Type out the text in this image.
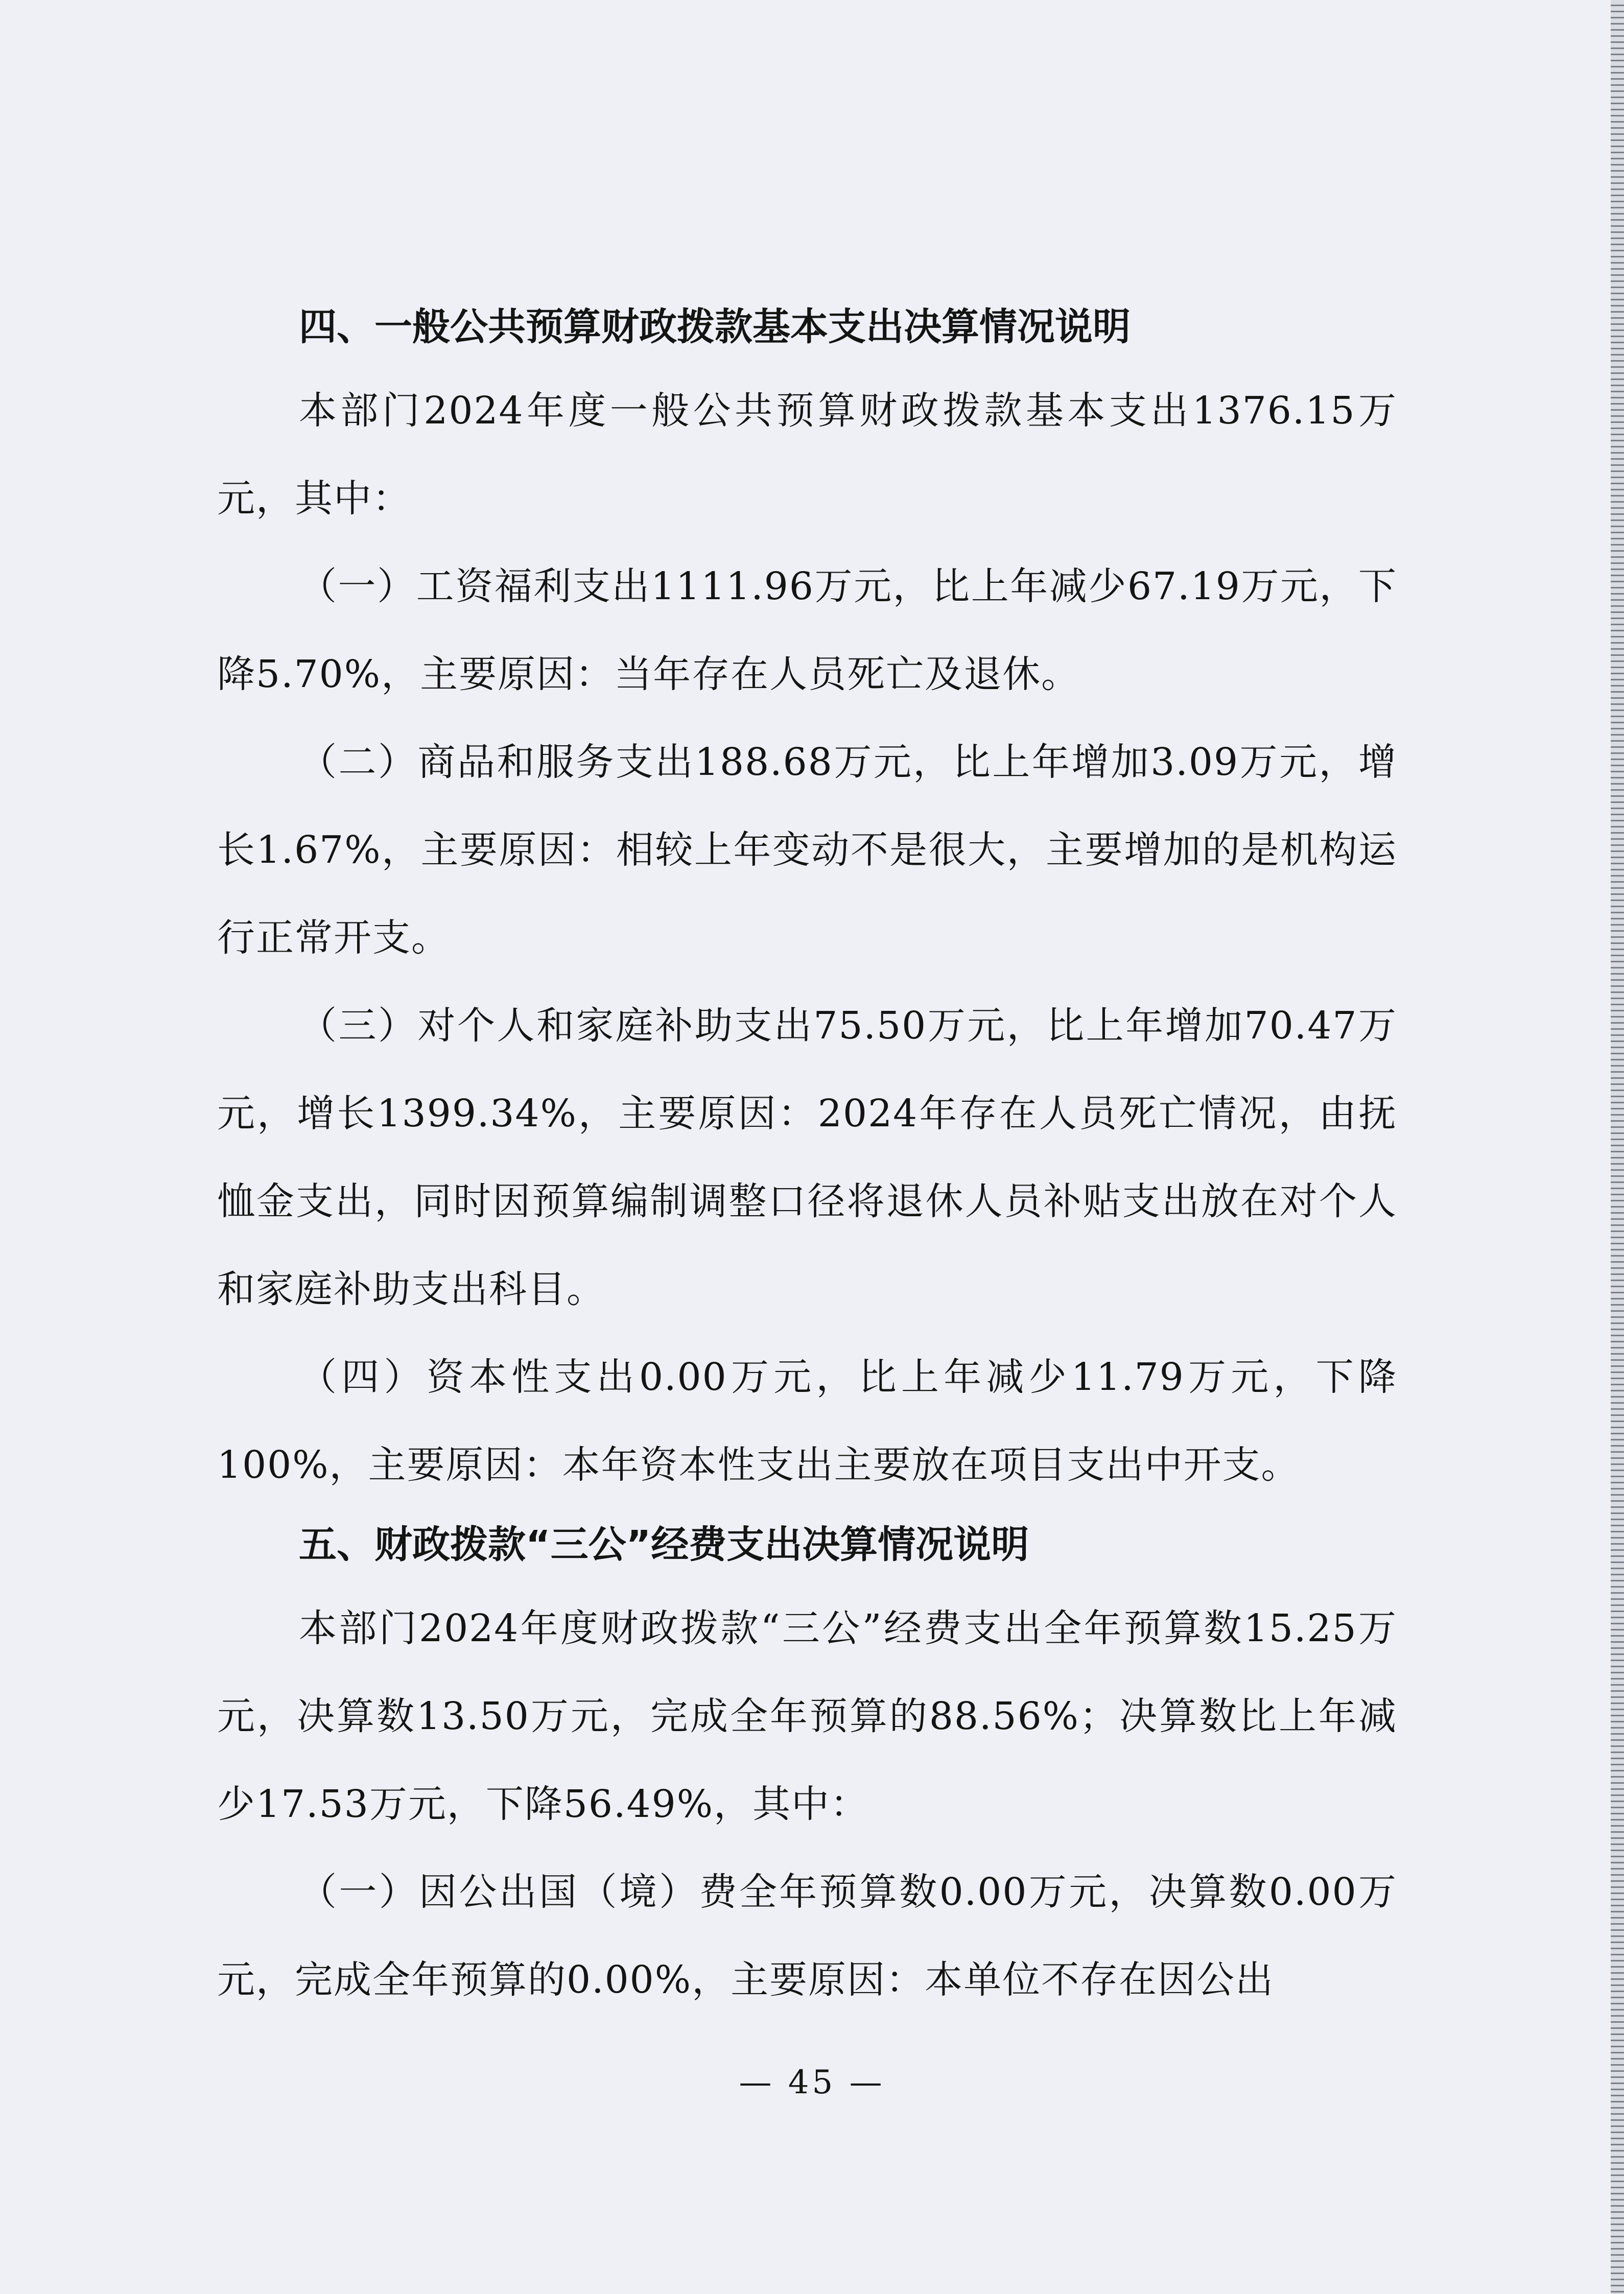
四、一般公共预算财政拨款基本支出决算情况说明

本部门2024年度一般公共预算财政拨款基本支出1376.15万元，其中：

（一）工资福利支出1111.96万元，比上年减少67.19万元，下降5.70%，主要原因：当年存在人员死亡及退休。

（二）商品和服务支出188.68万元，比上年增加3.09万元，增长1.67%，主要原因：相较上年变动不是很大，主要增加的是机构运行正常开支。

（三）对个人和家庭补助支出75.50万元，比上年增加70.47万元，增长1399.34%，主要原因：2024年存在人员死亡情况，由抚恤金支出，同时因预算编制调整口径将退休人员补贴支出放在对个人和家庭补助支出科目。

（四）资本性支出0.00万元，比上年减少11.79万元，下降100%，主要原因：本年资本性支出主要放在项目支出中开支。

五、财政拨款“三公”经费支出决算情况说明

本部门2024年度财政拨款“三公”经费支出全年预算数15.25万元，决算数13.50万元，完成全年预算的88.56%；决算数比上年减少17.53万元，下降56.49%，其中：

（一）因公出国（境）费全年预算数0.00万元，决算数0.00万元，完成全年预算的0.00%，主要原因：本单位不存在因公出

— 45 —
